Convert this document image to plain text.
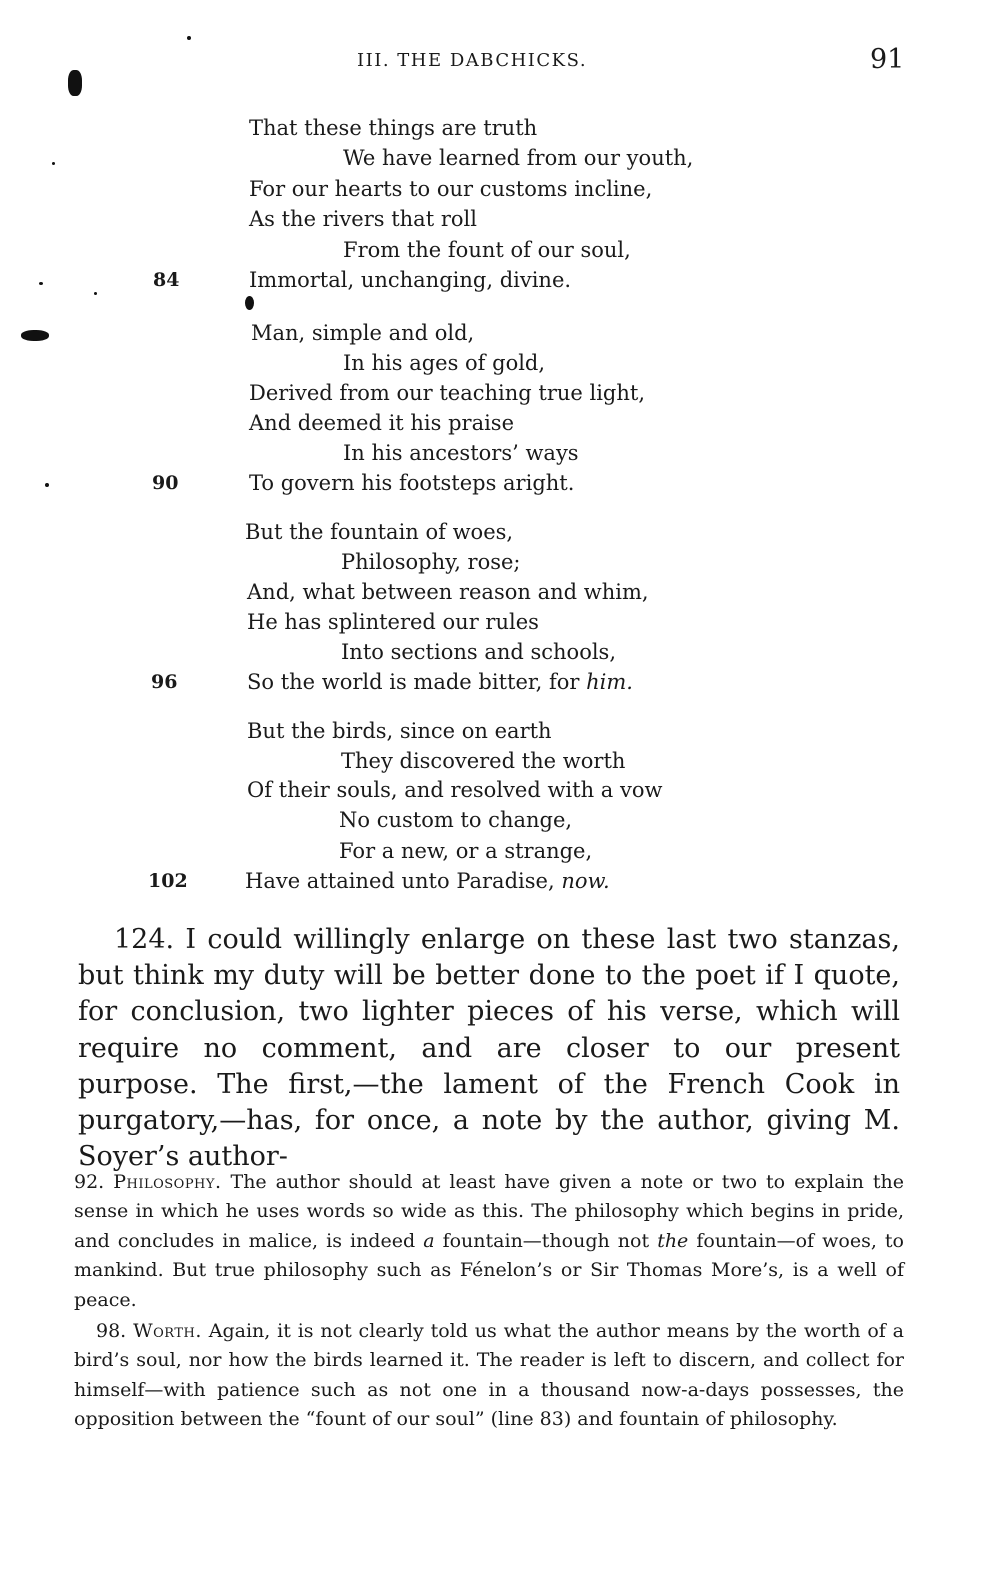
III. THE DABCHICKS.	91
That these things are truth
We have learned from our youth,
For our hearts to our customs incline,
As the rivers that roll
From the fount of our soul,
Immortal, unchanging, divine.
84
Man, simple and old,
In his ages of gold,
Derived from our teaching true light,
And deemed it his praise
In his ancestors’ ways
To govern his footsteps aright.
90
But the fountain of woes,
Philosophy, rose;
And, what between reason and whim,
He has splintered our rules
Into sections and schools,
So the world is made bitter, for him.
96
But the birds, since on earth
They discovered the worth
Of their souls, and resolved with a vow
No custom to change,
For a new, or a strange,
Have attained unto Paradise, now.
102
124. I could willingly enlarge on these last two stanzas, but think my duty will be better done to the poet if I quote, for conclusion, two lighter pieces of his verse, which will require no comment, and are closer to our present purpose. The first,—the lament of the French Cook in purgatory,—has, for once, a note by the author, giving M. Soyer’s author-
92. Philosophy. The author should at least have given a note or two to explain the sense in which he uses words so wide as this. The philosophy which begins in pride, and concludes in malice, is indeed a fountain—though not the fountain—of woes, to mankind. But true philosophy such as Fénelon’s or Sir Thomas More’s, is a well of peace.
98. Worth. Again, it is not clearly told us what the author means by the worth of a bird’s soul, nor how the birds learned it. The reader is left to discern, and collect for himself—with patience such as not one in a thousand now-a-days possesses, the opposition between the “fount of our soul” (line 83) and fountain of philosophy.
